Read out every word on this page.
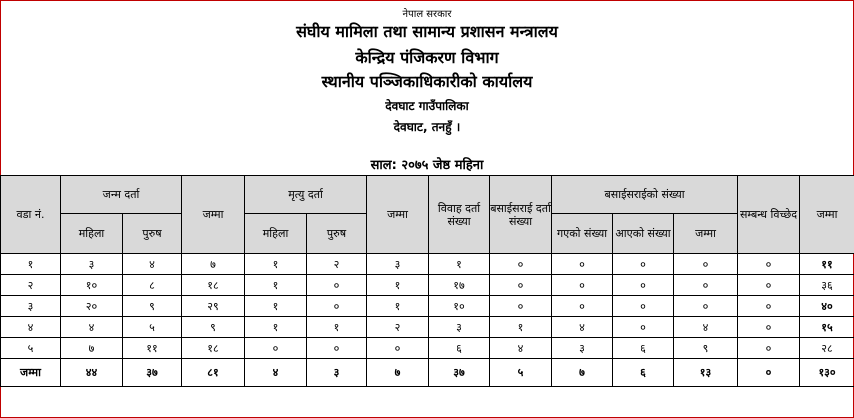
नेपाल सरकार
संघीय मामिला तथा सामान्य प्रशासन मन्त्रालय
केन्द्रिय पंजिकरण विभाग
स्थानीय पञ्जिकाधिकारीको कार्यालय
देवघाट गाउँपालिका
देवघाट, तनहुँ ।
साल: २०७५ जेष्ठ महिना
वडा नं.	जन्म दर्ता		जम्मा	मृत्यु दर्ता		जम्मा	विवाह दर्ता संख्या	बसाईसराई दर्ता संख्या	बसाईसराईको संख्या			सम्बन्ध विच्छेद	जम्मा
	महिला	पुरुष		महिला	पुरुष				गएको संख्या	आएको संख्या	जम्मा		
१	३	४	७	१	२	३	१	०	०	०	०	०	११
२	१०	८	१८	१	०	१	१७	०	०	०	०	०	३६
३	२०	९	२९	१	०	१	१०	०	०	०	०	०	४०
४	४	५	९	१	१	२	३	१	४	०	४	०	१५
५	७	११	१८	०	०	०	६	४	३	६	९	०	२८
जम्मा	४४	३७	८१	४	३	७	३७	५	७	६	१३	०	१३०
